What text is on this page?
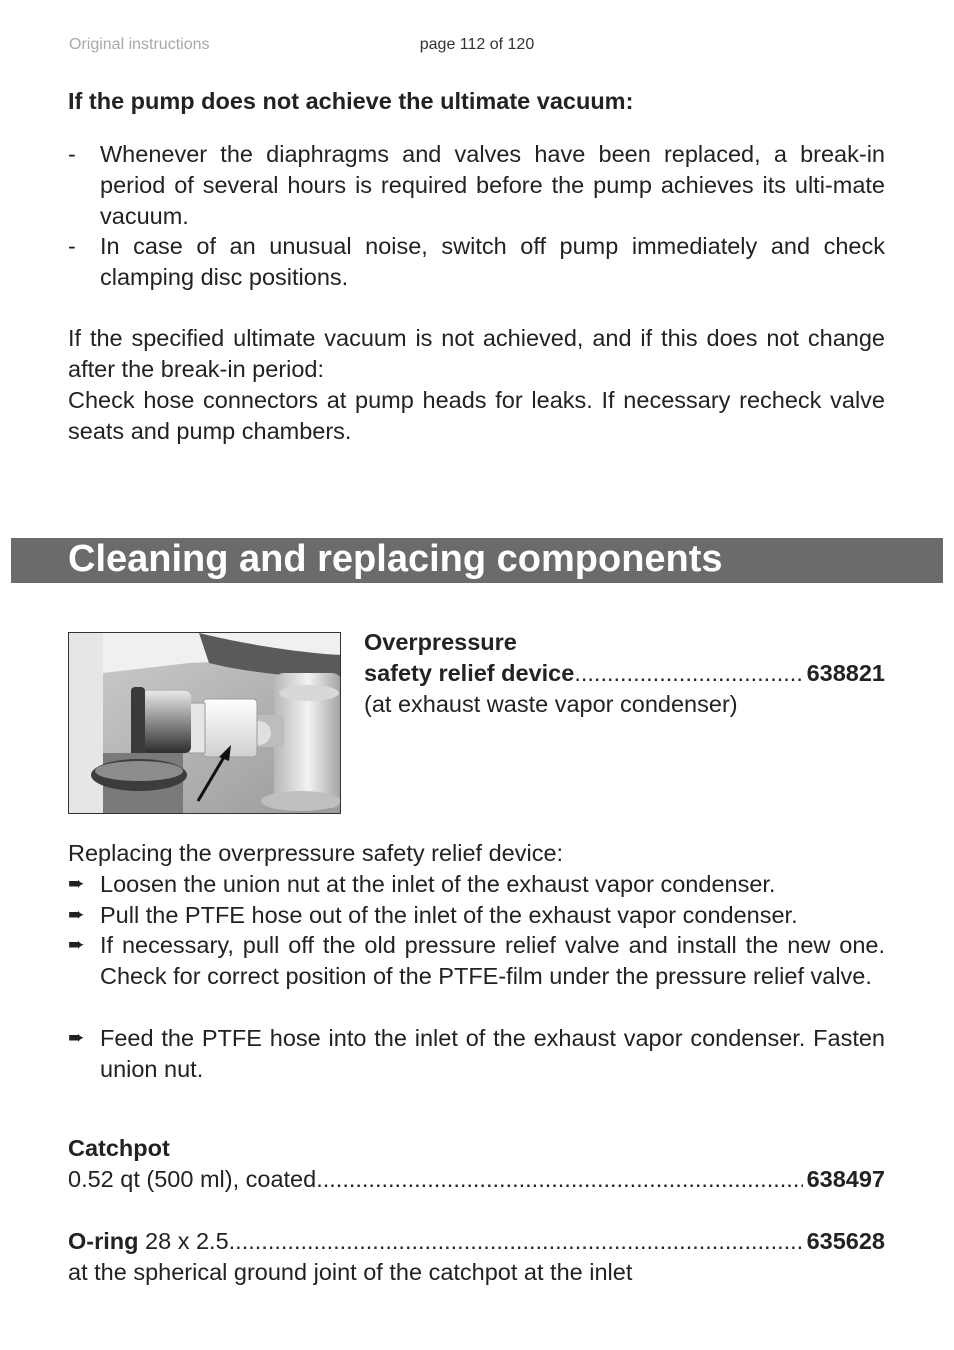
Original instructions	page 112 of 120
If the pump does not achieve the ultimate vacuum:
-	Whenever the diaphragms and valves have been replaced, a break-in period of several hours is required before the pump achieves its ulti-mate vacuum.
-	In case of an unusual noise, switch off pump immediately and check clamping disc positions.
If the specified ultimate vacuum is not achieved, and if this does not change after the break-in period:
Check hose connectors at pump heads for leaks. If necessary recheck valve seats and pump chambers.
Cleaning and replacing components
Overpressure
safety relief device .....	638821
(at exhaust waste vapor condenser)
Replacing the overpressure safety relief device:
➨ Loosen the union nut at the inlet of the exhaust vapor condenser.
➨ Pull the PTFE hose out of the inlet of the exhaust vapor condenser.
➨ If necessary, pull off the old pressure relief valve and install the new one. Check for correct position of the PTFE-film under the pressure relief valve.
➨ Feed the PTFE hose into the inlet of the exhaust vapor condenser. Fasten union nut.
Catchpot
0.52 qt (500 ml), coated .....	638497
O-ring 28 x 2.5 .....	635628
at the spherical ground joint of the catchpot at the inlet
